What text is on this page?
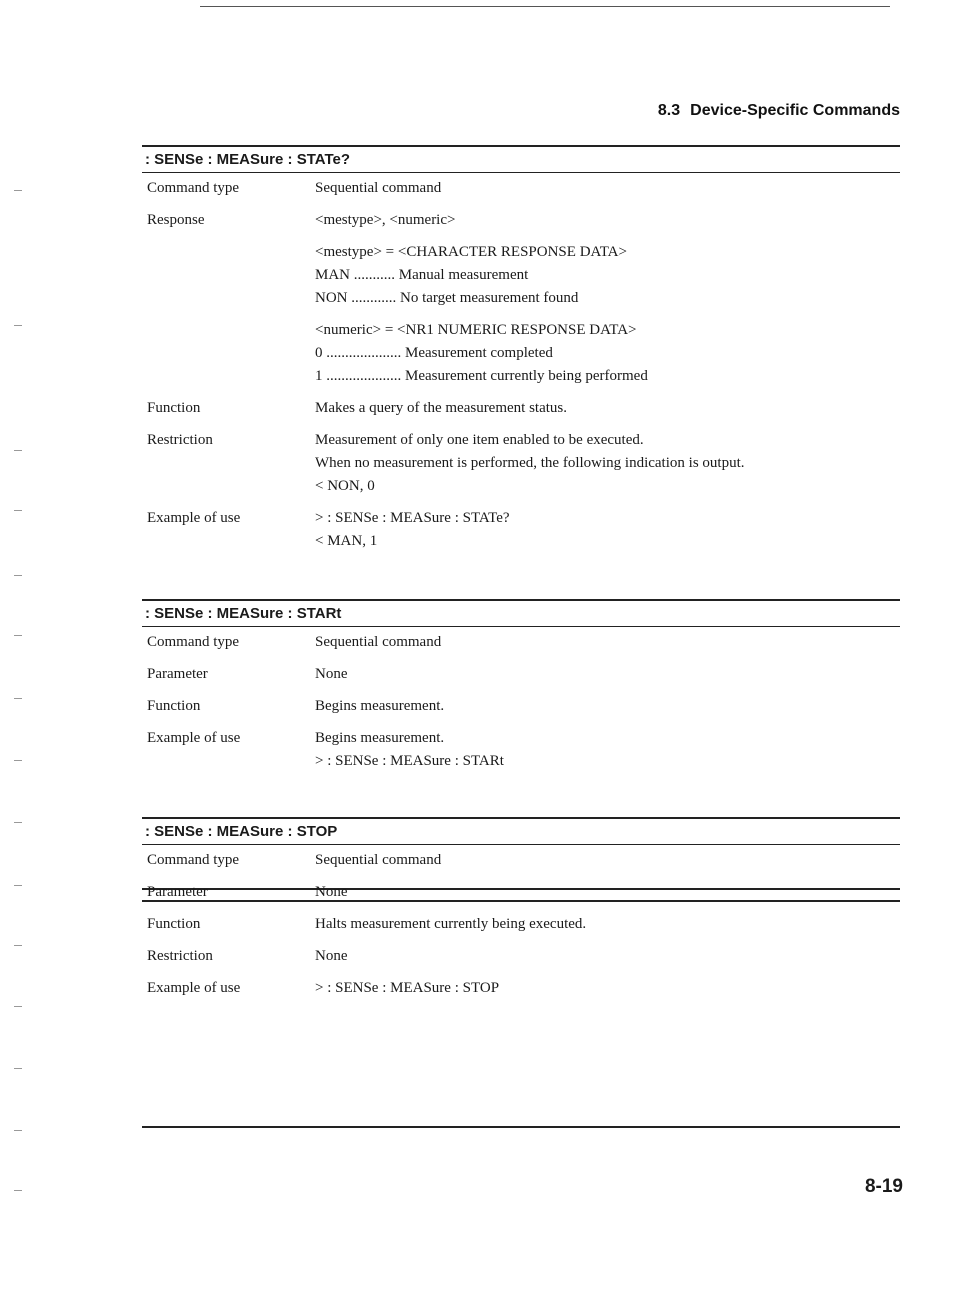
8.3 Device-Specific Commands
: SENSe : MEASure : STATe?
Command type	Sequential command
Response	<mestype>, <numeric>
<mestype> = <CHARACTER RESPONSE DATA>
MAN ........... Manual measurement
NON ............ No target measurement found
<numeric> = <NR1 NUMERIC RESPONSE DATA>
0 .................... Measurement completed
1 .................... Measurement currently being performed
Function	Makes a query of the measurement status.
Restriction	Measurement of only one item enabled to be executed.
When no measurement is performed, the following indication is output.
< NON, 0
Example of use	> : SENSe : MEASure : STATe?
< MAN, 1
: SENSe : MEASure : STARt
Command type	Sequential command
Parameter	None
Function	Begins measurement.
Example of use	Begins measurement.
> : SENSe : MEASure : STARt
: SENSe : MEASure : STOP
Command type	Sequential command
Parameter	None
Function	Halts measurement currently being executed.
Restriction	None
Example of use	> : SENSe : MEASure : STOP
8-19
